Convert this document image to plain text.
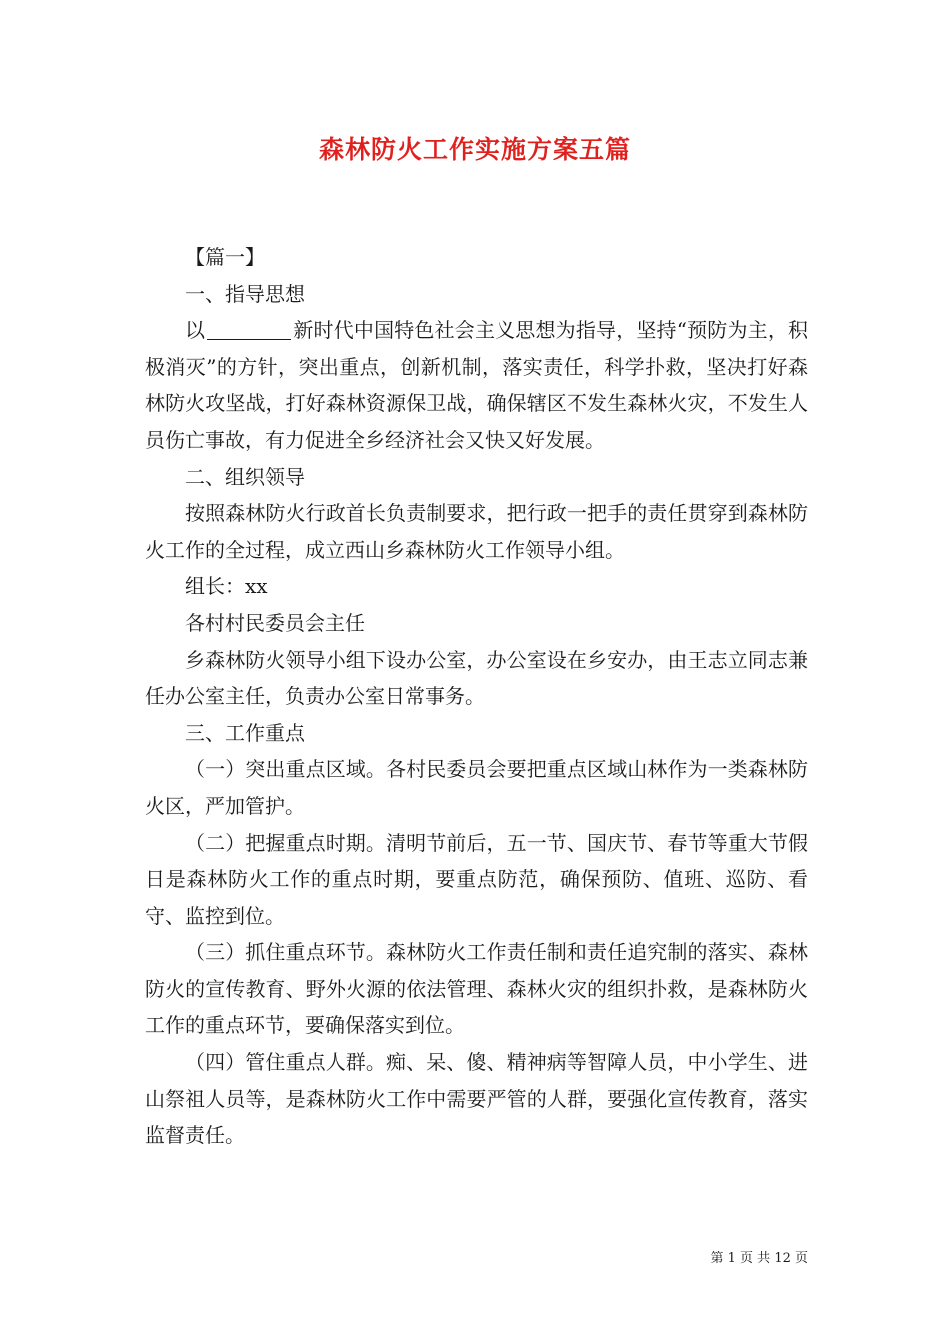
森林防火工作实施方案五篇

【篇一】

一、指导思想

以	新时代中国特色社会主义思想为指导，坚持“预防为主，积极消灭”的方针，突出重点，创新机制，落实责任，科学扑救，坚决打好森林防火攻坚战，打好森林资源保卫战，确保辖区不发生森林火灾，不发生人员伤亡事故，有力促进全乡经济社会又快又好发展。

二、组织领导

按照森林防火行政首长负责制要求，把行政一把手的责任贯穿到森林防火工作的全过程，成立西山乡森林防火工作领导小组。

组长：xx

各村村民委员会主任

乡森林防火领导小组下设办公室，办公室设在乡安办，由王志立同志兼任办公室主任，负责办公室日常事务。

三、工作重点

（一）突出重点区域。各村民委员会要把重点区域山林作为一类森林防火区，严加管护。

（二）把握重点时期。清明节前后，五一节、国庆节、春节等重大节假日是森林防火工作的重点时期，要重点防范，确保预防、值班、巡防、看守、监控到位。

（三）抓住重点环节。森林防火工作责任制和责任追究制的落实、森林防火的宣传教育、野外火源的依法管理、森林火灾的组织扑救，是森林防火工作的重点环节，要确保落实到位。

（四）管住重点人群。痴、呆、傻、精神病等智障人员，中小学生、进山祭祖人员等，是森林防火工作中需要严管的人群，要强化宣传教育，落实监督责任。

第 1 页 共 12 页
